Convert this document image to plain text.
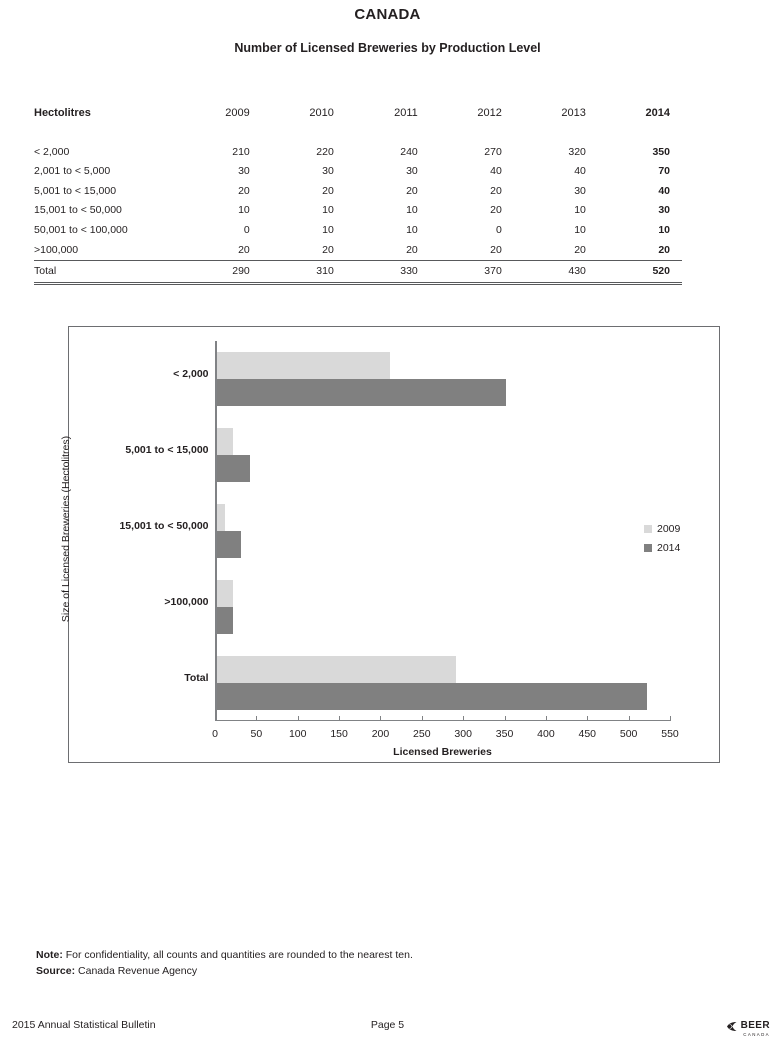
CANADA
Number of Licensed Breweries by Production Level
Hectolitres	2009	2010	2011	2012	2013	2014

< 2,000	210	220	240	270	320	350
2,001 to < 5,000	30	30	30	40	40	70
5,001 to < 15,000	20	20	20	20	30	40
15,001 to < 50,000	10	10	10	20	10	30
50,001 to < 100,000	0	10	10	0	10	10
>100,000	20	20	20	20	20	20
Total	290	310	330	370	430	520
Size of Licensed Breweries (Hectolitres)
< 2,000
5,001 to < 15,000
15,001 to < 50,000
>100,000
Total
0	50	100 150 200 250 300 350 400 450 500 550
Licensed Breweries
2009
2014
Note: For confidentiality, all counts and quantities are rounded to the nearest ten.
Source: Canada Revenue Agency
2015 Annual Statistical Bulletin	Page 5	BEER
CANADA
